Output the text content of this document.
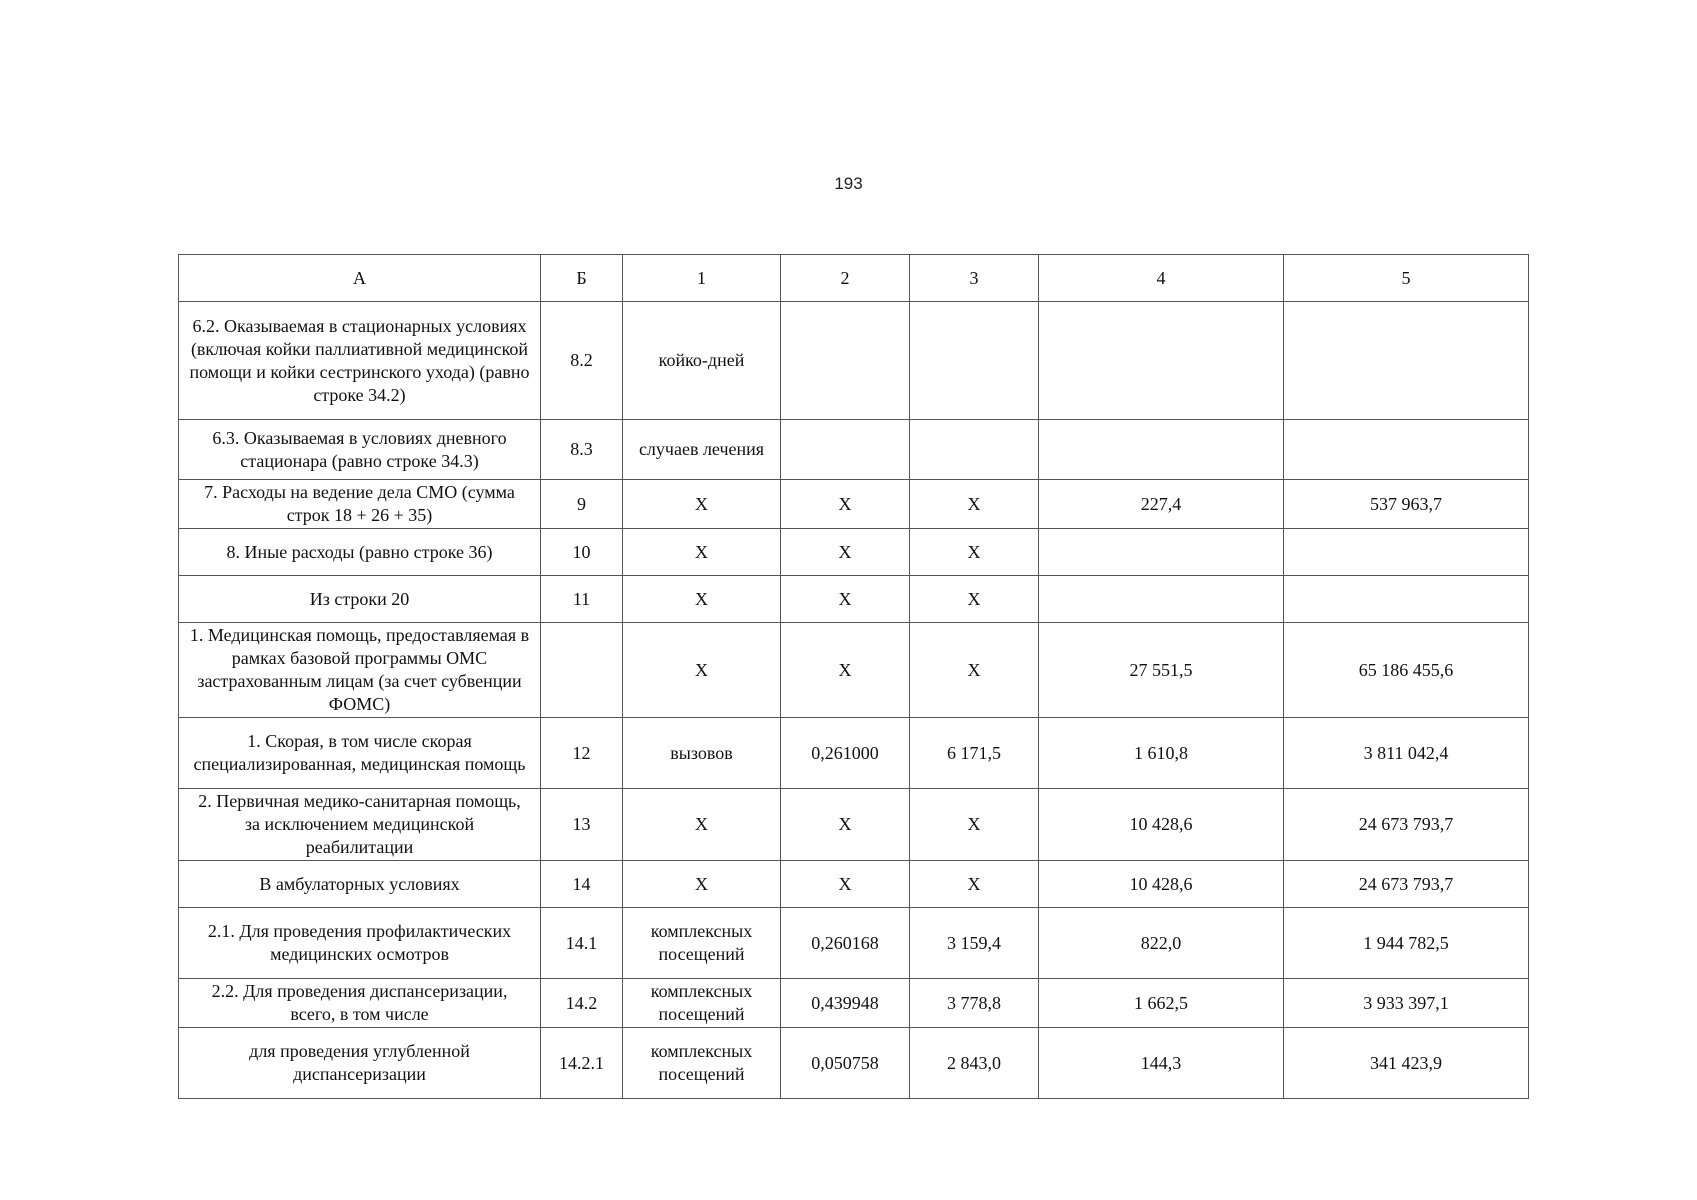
193
А	Б	1	2	3	4	5
6.2. Оказываемая в стационарных условиях (включая койки паллиативной медицинской помощи и койки сестринского ухода) (равно строке 34.2)	8.2	койко-дней				
6.3. Оказываемая в условиях дневного стационара (равно строке 34.3)	8.3	случаев лечения				
7. Расходы на ведение дела СМО (сумма строк 18 + 26 + 35)	9	Х	Х	Х	227,4	537 963,7
8. Иные расходы (равно строке 36)	10	Х	Х	Х		
Из строки 20	11	Х	Х	Х		
1. Медицинская помощь, предоставляемая в рамках базовой программы ОМС застрахованным лицам (за счет субвенции ФОМС)		Х	Х	Х	27 551,5	65 186 455,6
1. Скорая, в том числе скорая специализированная, медицинская помощь	12	вызовов	0,261000	6 171,5	1 610,8	3 811 042,4
2. Первичная медико-санитарная помощь, за исключением медицинской реабилитации	13	Х	Х	Х	10 428,6	24 673 793,7
В амбулаторных условиях	14	Х	Х	Х	10 428,6	24 673 793,7
2.1. Для проведения профилактических медицинских осмотров	14.1	комплексных посещений	0,260168	3 159,4	822,0	1 944 782,5
2.2. Для проведения диспансеризации, всего, в том числе	14.2	комплексных посещений	0,439948	3 778,8	1 662,5	3 933 397,1
для проведения углубленной диспансеризации	14.2.1	комплексных посещений	0,050758	2 843,0	144,3	341 423,9
